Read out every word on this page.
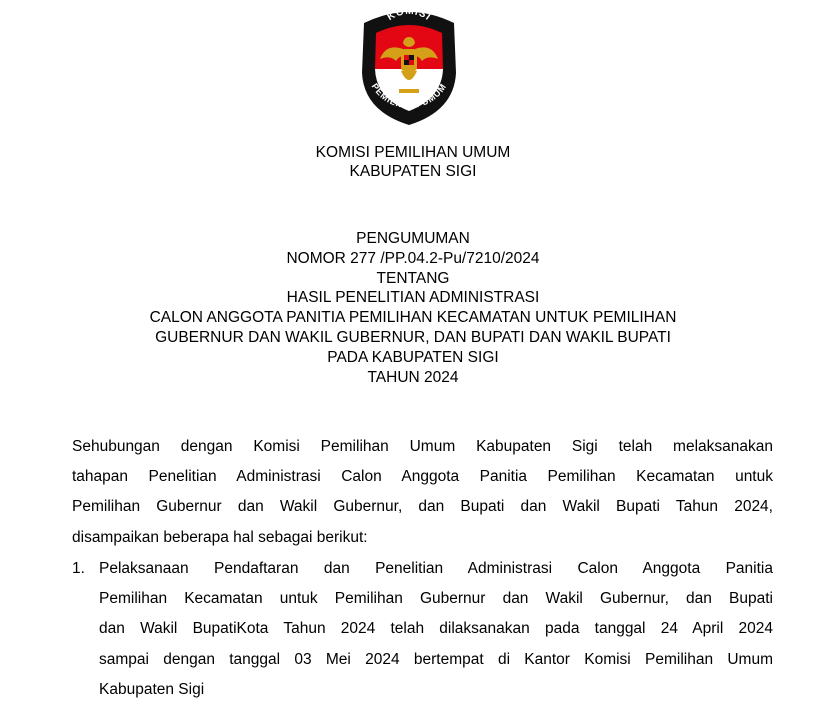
KOMISI
PEMILIHAN UMUM
KOMISI PEMILIHAN UMUM
KABUPATEN SIGI
PENGUMUMAN
NOMOR 277 /PP.04.2-Pu/7210/2024
TENTANG
HASIL PENELITIAN ADMINISTRASI
CALON ANGGOTA PANITIA PEMILIHAN KECAMATAN UNTUK PEMILIHAN
GUBERNUR DAN WAKIL GUBERNUR, DAN BUPATI DAN WAKIL BUPATI
PADA KABUPATEN SIGI
TAHUN 2024
Sehubungan dengan Komisi Pemilihan Umum Kabupaten Sigi telah melaksanakan
tahapan Penelitian Administrasi Calon Anggota Panitia Pemilihan Kecamatan untuk
Pemilihan Gubernur dan Wakil Gubernur, dan Bupati dan Wakil Bupati Tahun 2024,
disampaikan beberapa hal sebagai berikut:
1. Pelaksanaan Pendaftaran dan Penelitian Administrasi Calon Anggota Panitia
Pemilihan Kecamatan untuk Pemilihan Gubernur dan Wakil Gubernur, dan Bupati
dan Wakil BupatiKota Tahun 2024 telah dilaksanakan pada tanggal 24 April 2024
sampai dengan tanggal 03 Mei 2024 bertempat di Kantor Komisi Pemilihan Umum
Kabupaten Sigi
